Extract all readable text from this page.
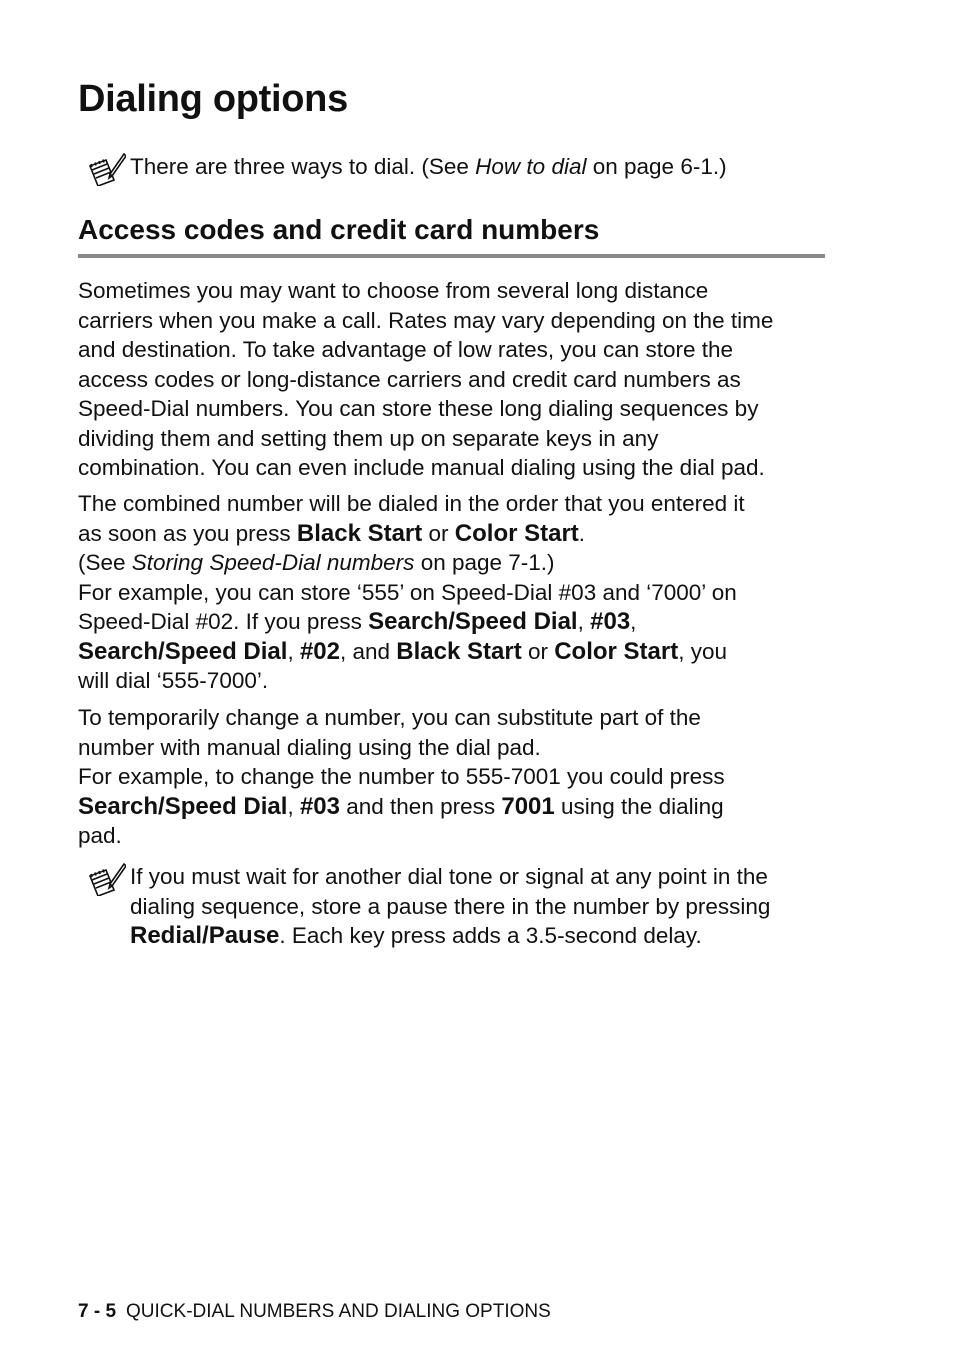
Dialing options
There are three ways to dial. (See How to dial on page 6-1.)
Access codes and credit card numbers

Sometimes you may want to choose from several long distance
carriers when you make a call. Rates may vary depending on the time
and destination. To take advantage of low rates, you can store the
access codes or long-distance carriers and credit card numbers as
Speed-Dial numbers. You can store these long dialing sequences by
dividing them and setting them up on separate keys in any
combination. You can even include manual dialing using the dial pad.

The combined number will be dialed in the order that you entered it
as soon as you press Black Start or Color Start.
(See Storing Speed-Dial numbers on page 7-1.)
For example, you can store ‘555’ on Speed-Dial #03 and ‘7000’ on
Speed-Dial #02. If you press Search/Speed Dial, #03,
Search/Speed Dial, #02, and Black Start or Color Start, you
will dial ‘555-7000’.

To temporarily change a number, you can substitute part of the
number with manual dialing using the dial pad.
For example, to change the number to 555-7001 you could press
Search/Speed Dial, #03 and then press 7001 using the dialing
pad.

If you must wait for another dial tone or signal at any point in the
dialing sequence, store a pause there in the number by pressing
Redial/Pause. Each key press adds a 3.5-second delay.
7 - 5 QUICK-DIAL NUMBERS AND DIALING OPTIONS
